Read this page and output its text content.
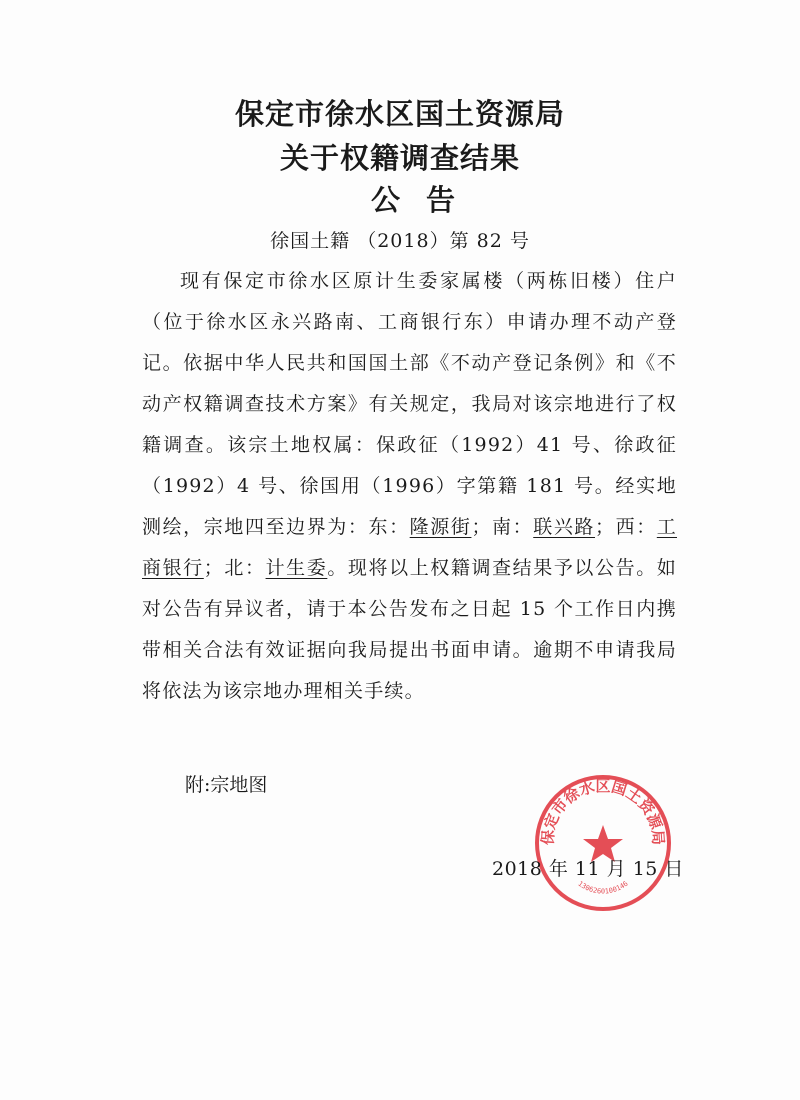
保定市徐水区国土资源局
关于权籍调查结果
公告
徐国土籍 （2018）第 82 号

现有保定市徐水区原计生委家属楼（两栋旧楼）住户（位于徐水区永兴路南、工商银行东）申请办理不动产登记。依据中华人民共和国国土部《不动产登记条例》和《不动产权籍调查技术方案》有关规定，我局对该宗地进行了权籍调查。该宗土地权属：保政征（1992）41 号、徐政征（1992）4 号、徐国用（1996）字第籍 181 号。经实地测绘，宗地四至边界为：东：隆源街；南：联兴路；西：工商银行；北：计生委。现将以上权籍调查结果予以公告。如对公告有异议者，请于本公告发布之日起 15 个工作日内携带相关合法有效证据向我局提出书面申请。逾期不申请我局将依法为该宗地办理相关手续。

附:宗地图
保定市徐水区国土资源局
1306260100146
2018 年 11 月 15 日
